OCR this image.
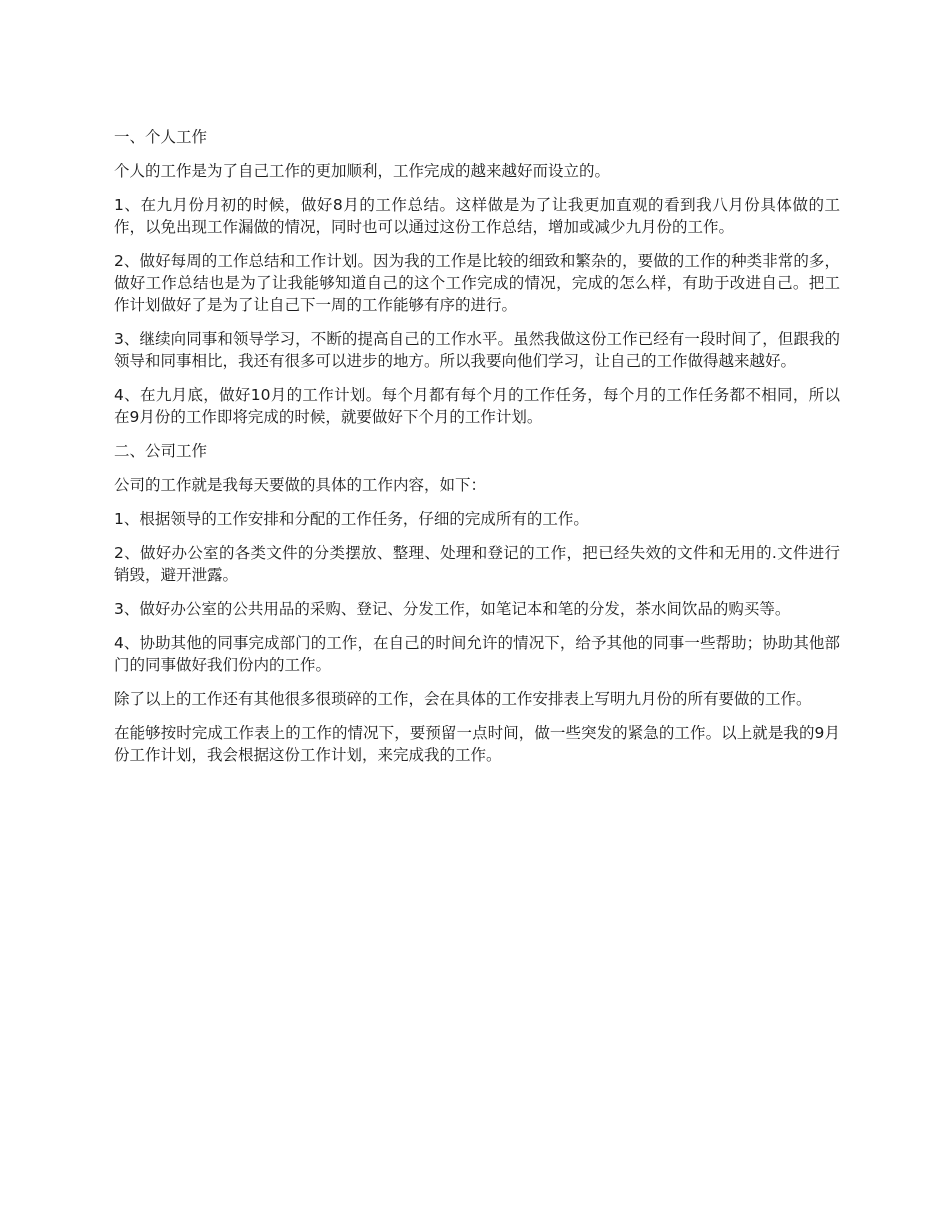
一、个人工作

个人的工作是为了自己工作的更加顺利，工作完成的越来越好而设立的。

1、在九月份月初的时候，做好8月的工作总结。这样做是为了让我更加直观的看到我八月份具体做的工作，以免出现工作漏做的情况，同时也可以通过这份工作总结，增加或减少九月份的工作。

2、做好每周的工作总结和工作计划。因为我的工作是比较的细致和繁杂的，要做的工作的种类非常的多，做好工作总结也是为了让我能够知道自己的这个工作完成的情况，完成的怎么样，有助于改进自己。把工作计划做好了是为了让自己下一周的工作能够有序的进行。

3、继续向同事和领导学习，不断的提高自己的工作水平。虽然我做这份工作已经有一段时间了，但跟我的领导和同事相比，我还有很多可以进步的地方。所以我要向他们学习，让自己的工作做得越来越好。

4、在九月底，做好10月的工作计划。每个月都有每个月的工作任务，每个月的工作任务都不相同，所以在9月份的工作即将完成的时候，就要做好下个月的工作计划。

二、公司工作

公司的工作就是我每天要做的具体的工作内容，如下：

1、根据领导的工作安排和分配的工作任务，仔细的完成所有的工作。

2、做好办公室的各类文件的分类摆放、整理、处理和登记的工作，把已经失效的文件和无用的.文件进行销毁，避开泄露。

3、做好办公室的公共用品的采购、登记、分发工作，如笔记本和笔的分发，茶水间饮品的购买等。

4、协助其他的同事完成部门的工作，在自己的时间允许的情况下，给予其他的同事一些帮助；协助其他部门的同事做好我们份内的工作。

除了以上的工作还有其他很多很琐碎的工作，会在具体的工作安排表上写明九月份的所有要做的工作。

在能够按时完成工作表上的工作的情况下，要预留一点时间，做一些突发的紧急的工作。以上就是我的9月份工作计划，我会根据这份工作计划，来完成我的工作。
